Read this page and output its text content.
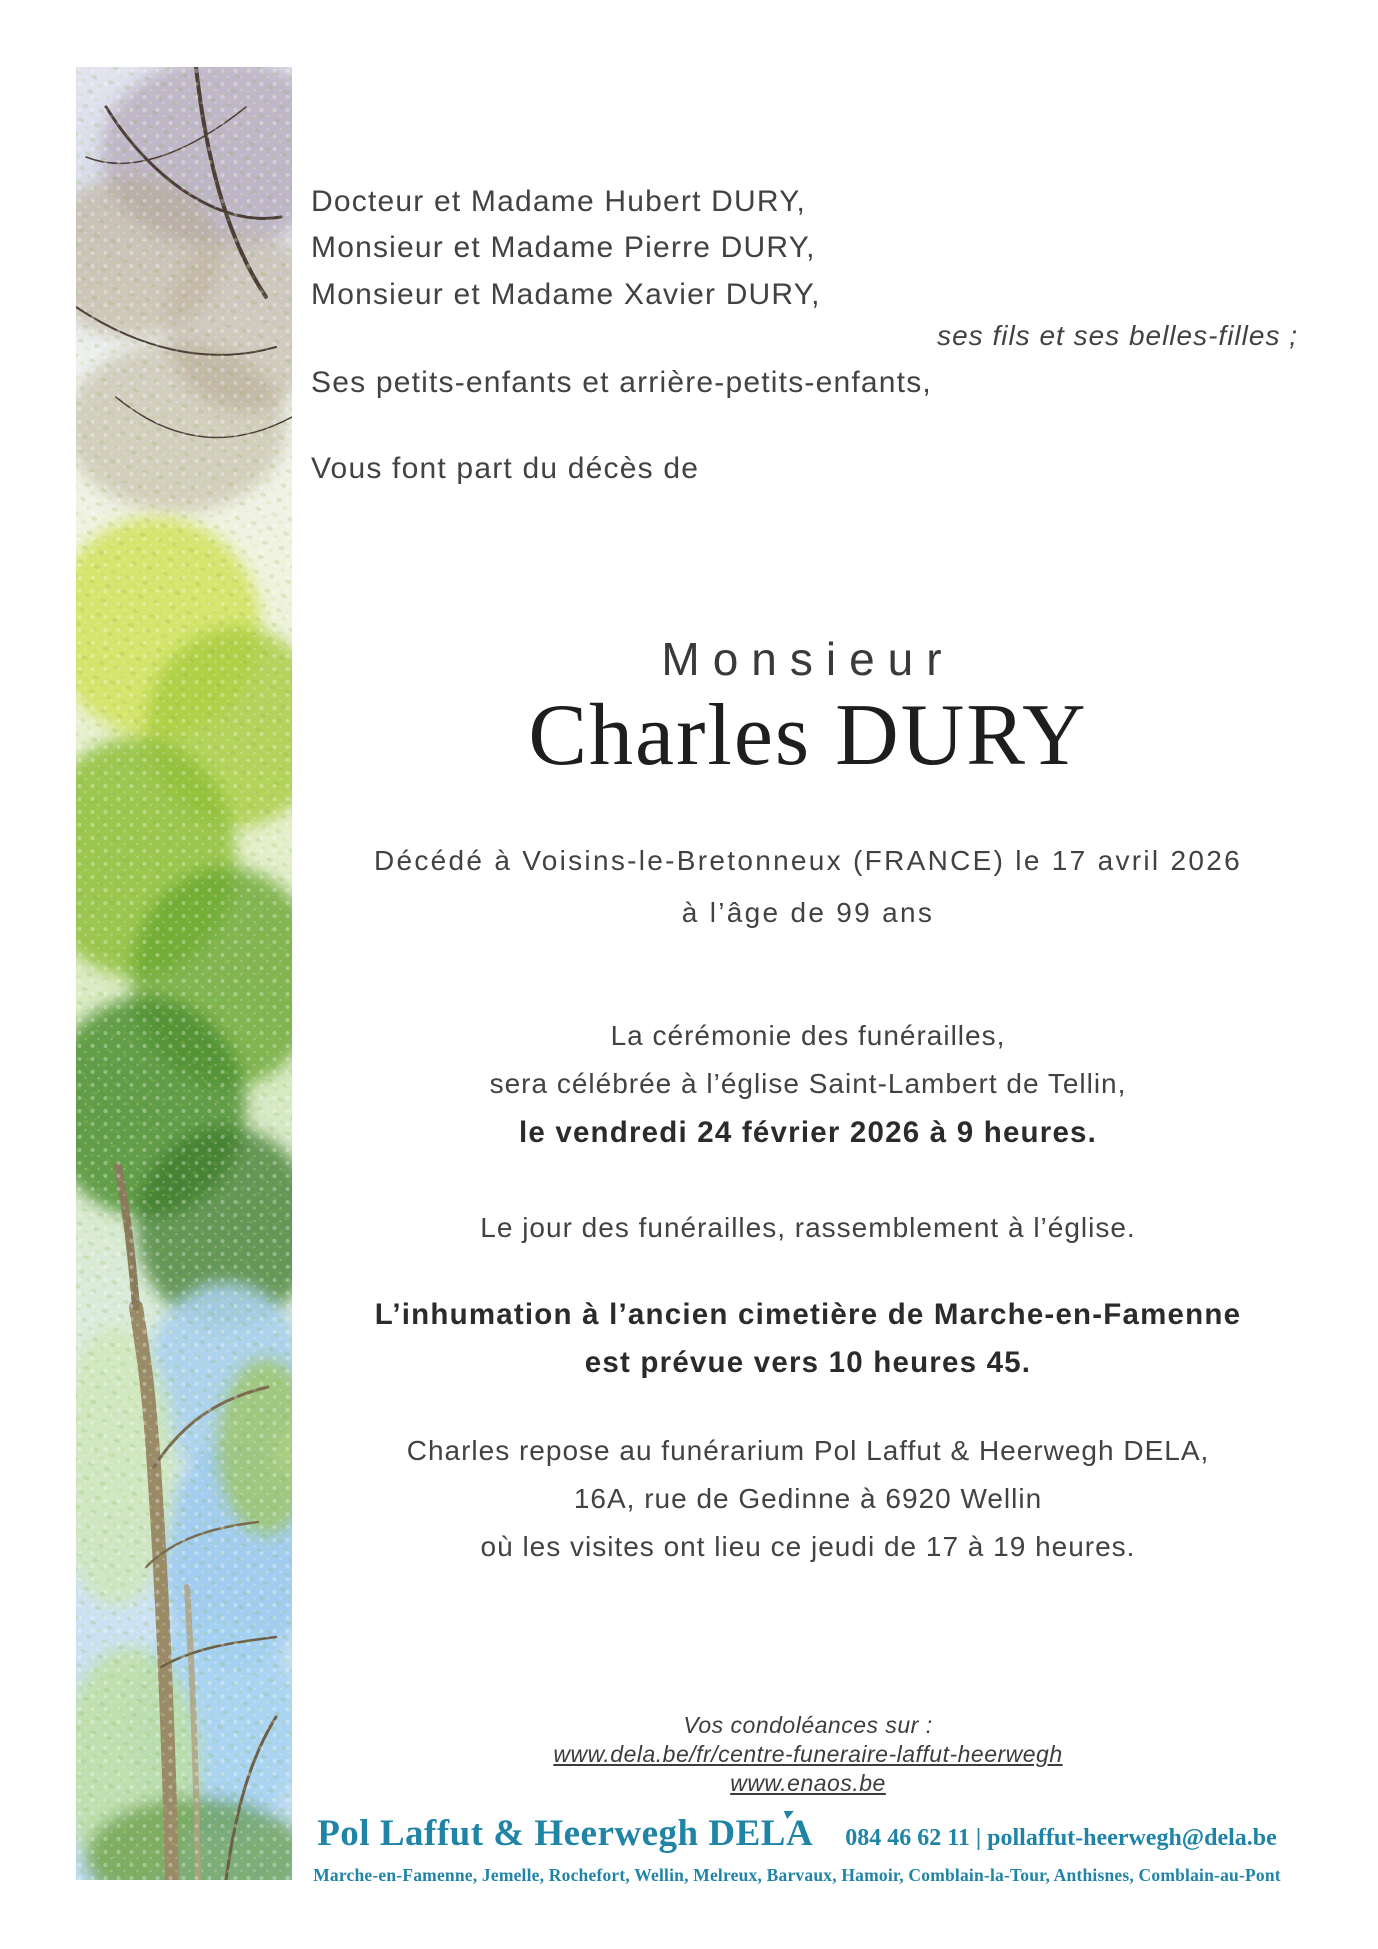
Docteur et Madame Hubert DURY,
Monsieur et Madame Pierre DURY,
Monsieur et Madame Xavier DURY,
ses fils et ses belles-filles ;
Ses petits-enfants et arrière-petits-enfants,
Vous font part du décès de
Monsieur
Charles DURY
Décédé à Voisins-le-Bretonneux (FRANCE) le 17 avril 2026
à l’âge de 99 ans
La cérémonie des funérailles,
sera célébrée à l’église Saint-Lambert de Tellin,
le vendredi 24 février 2026 à 9 heures.
Le jour des funérailles, rassemblement à l’église.
L’inhumation à l’ancien cimetière de Marche-en-Famenne
est prévue vers 10 heures 45.
Charles repose au funérarium Pol Laffut & Heerwegh DELA,
16A, rue de Gedinne à 6920 Wellin
où les visites ont lieu ce jeudi de 17 à 19 heures.
Vos condoléances sur :
www.dela.be/fr/centre-funeraire-laffut-heerwegh
www.enaos.be
Pol Laffut & Heerwegh DEL
A 084 46 62 11 | pollaffut-heerwegh@dela.be
Marche-en-Famenne, Jemelle, Rochefort, Wellin, Melreux, Barvaux, Hamoir, Comblain-la-Tour, Anthisnes, Comblain-au-Pont
